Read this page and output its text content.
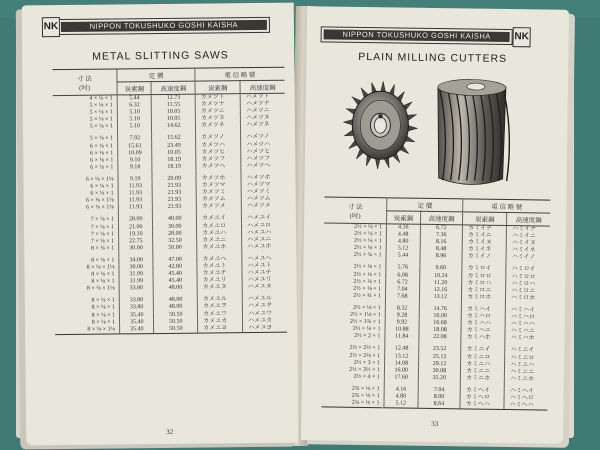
NIPPON TOKUSHUKO GOSHI KAISHA
NK
METAL SLITTING SAWS
寸 法
(吋)	定 價		電 信 略 號	
	炭素鋼	高速度鋼	炭素鋼	高速度鋼
4 × ⅛ × 1	5.44	12.73	カメツト	ハメツト
5 × ⅛ × 1	6.32	11.55	カメツナ	ハメツナ
5 × ⅛ × 1	5.10	10.05	カメツニ	ハメツニ
5 × ⅛ × 1	5.10	10.05	カメツヌ	ハメツヌ
5 × ⅛ × 1	5.10	14.62	カメツネ	ハメツネ

5 × ⅛ × 1	7.92	15.62	カメツノ	ハメツノ
6 × ⅛ × 1	15.61	23.49	カメツハ	ハメツハ
6 × ⅛ × 1	10.09	10.05	カメツヒ	ハメツヒ
6 × ⅛ × 1	9.10	18.19	カメツフ	ハメツフ
6 × ⅛ × 1	9.18	18.19	カメツヘ	ハメツヘ

6 × ⅛ × 1⅛	9.19	20.09	カメツホ	ハメツホ
6 × ⅛ × 1	11.93	21.93	カメツマ	ハメツマ
6 × ⅛ × 1	11.93	21.93	カメツミ	ハメツミ
6 × ⅛ × 1⅛	11.93	21.93	カメツム	ハメツム
6 × ⅛ × 1⅛	11.93	21.93	カメツメ	ハメツメ

7 × ⅛ × 1	28.00	40.00	カメユイ	ハメユイ
7 × ⅛ × 1	21.00	30.00	カメユロ	ハメユロ
7 × ⅛ × 1	19.10	28.00	カメユハ	ハメユハ
7 × ⅛ × 1	22.75	32.50	カメユニ	ハメユニ
8 × ⅛ × 1	30.00	50.00	カメユホ	ハメユホ

8 × ⅛ × 1	34.00	47.00	カメユヘ	ハメユヘ
8 × ⅛ × 1⅛	30.00	42.80	カメユト	ハメユト
8 × ⅛ × 1	31.99	45.40	カメユチ	ハメユチ
8 × ⅛ × 1	31.99	45.40	カメユリ	ハメユリ
8 × ⅛ × 1⅛	33.80	48.00	カメユヌ	ハメユヌ

8 × ⅛ × 1	33.80	48.00	カメユル	ハメユル
8 × ⅛ × 1	33.80	48.00	カメユヲ	ハメユヲ
8 × ⅛ × 1	35.40	50.50	カメユワ	ハメユワ
8 × ⅛ × 1	35.40	50.50	カメユカ	ハメユカ
8 × ⅛ × 1⅛	35.40	50.50	カメユヨ	ハメユヨ
32
NIPPON TOKUSHUKO GOSHI KAISHA	NK
PLAIN MILLING CUTTERS
寸 法
(吋)	定 價		電 信 略 號	
	炭素鋼	高速度鋼	炭素鋼	高速度鋼
2½ × ⅛ × 1	4.16	6.72	カミイナ	ハミイナ
2½ × ⅛ × 1	4.48	7.36	カミイニ	ハミイニ
2½ × ⅛ × 1	4.80	8.16	カミイヌ	ハミイヌ
2½ × ⅛ × 1	5.12	8.48	カミイネ	ハミイネ
2½ × ¾ × 1	5.44	8.96	カミイノ	ハミイノ

2½ × ⅛ × 1	5.76	9.60	カミロイ	ハミロイ
2½ × ⅛ × 1	6.08	10.24	カミロロ	ハミロロ
2½ × ⅛ × 1	6.72	11.20	カミロハ	ハミロハ
2½ × ⅛ × 1	7.04	12.16	カミロニ	ハミロニ
2½ × ¾ × 1	7.68	13.12	カミロホ	ハミロホ

2½ × ⅛ × 1	8.32	14.76	カミハイ	ハミハイ
2½ × 1⅛ × 1	9.28	16.00	カミハロ	ハミハロ
2½ × 1¾ × 1	9.92	16.68	カミハハ	ハミハハ
2½ × ⅛ × 1	10.88	18.08	カミハニ	ハミハニ
2½ × 2 × 1	11.84	22.08	カミハホ	ハミハホ

2½ × 2½ × 1	12.48	23.52	カミニイ	ハミニイ
2½ × 2⅛ × 1	13.12	25.12	カミニロ	ハミニロ
2½ × 3 × 1	14.08	29.12	カミニハ	ハミニハ
2½ × 3½ × 1	16.00	30.08	カミニニ	ハミニニ
2½ × 4 × 1	17.60	35.20	カミニホ	ハミニホ

2¾ × ⅛ × 1	4.16	7.04	カミヘイ	ハミヘイ
2¾ × ⅛ × 1	4.80	8.00	カミヘロ	ハミヘロ
2¾ × ⅛ × 1	5.12	8.64	カミヘハ	ハミヘハ
33
